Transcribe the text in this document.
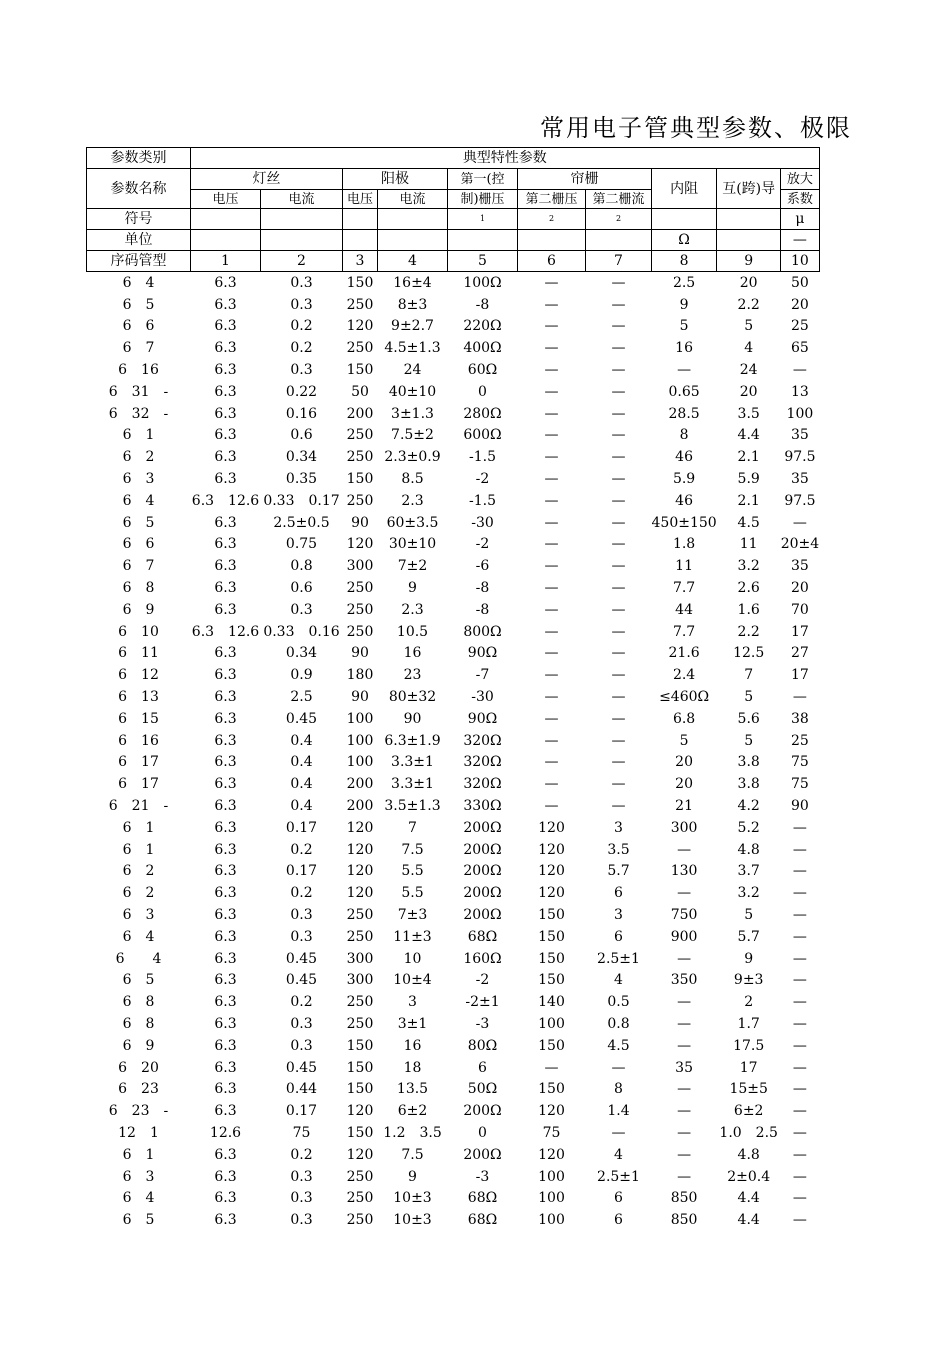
常用电子管典型参数、极限
参数类别	典型特性参数									
参数名称	灯丝		阳极		第一(控	帘栅		内阻	互(跨)导	放大
	电压	电流	电压	电流	制)栅压	第二栅压	第二栅流			系数
符号					1	2	2			μ
单位								Ω		—
序码管型	1	2	3	4	5	6	7	8	9	10
6　4	6.3	0.3	150	16±4	100Ω	—	—	2.5	20	50
6　5	6.3	0.3	250	8±3	-8	—	—	9	2.2	20
6　6	6.3	0.2	120	9±2.7	220Ω	—	—	5	5	25
6　7	6.3	0.2	250	4.5±1.3	400Ω	—	—	16	4	65
6　16	6.3	0.3	150	24	60Ω	—	—	—	24	—
6　31　-	6.3	0.22	50	40±10	0	—	—	0.65	20	13
6　32　-	6.3	0.16	200	3±1.3	280Ω	—	—	28.5	3.5	100
6　1	6.3	0.6	250	7.5±2	600Ω	—	—	8	4.4	35
6　2	6.3	0.34	250	2.3±0.9	-1.5	—	—	46	2.1	97.5
6　3	6.3	0.35	150	8.5	-2	—	—	5.9	5.9	35
6　4	6.3　12.6	0.33　0.17	250	2.3	-1.5	—	—	46	2.1	97.5
6　5	6.3	2.5±0.5	90	60±3.5	-30	—	—	450±150	4.5	—
6　6	6.3	0.75	120	30±10	-2	—	—	1.8	11	20±4
6　7	6.3	0.8	300	7±2	-6	—	—	11	3.2	35
6　8	6.3	0.6	250	9	-8	—	—	7.7	2.6	20
6　9	6.3	0.3	250	2.3	-8	—	—	44	1.6	70
6　10	6.3　12.6	0.33　0.16	250	10.5	800Ω	—	—	7.7	2.2	17
6　11	6.3	0.34	90	16	90Ω	—	—	21.6	12.5	27
6　12	6.3	0.9	180	23	-7	—	—	2.4	7	17
6　13	6.3	2.5	90	80±32	-30	—	—	≤460Ω	5	—
6　15	6.3	0.45	100	90	90Ω	—	—	6.8	5.6	38
6　16	6.3	0.4	100	6.3±1.9	320Ω	—	—	5	5	25
6　17	6.3	0.4	100	3.3±1	320Ω	—	—	20	3.8	75
6　17	6.3	0.4	200	3.3±1	320Ω	—	—	20	3.8	75
6　21　-	6.3	0.4	200	3.5±1.3	330Ω	—	—	21	4.2	90
6　1	6.3	0.17	120	7	200Ω	120	3	300	5.2	—
6　1	6.3	0.2	120	7.5	200Ω	120	3.5	—	4.8	—
6　2	6.3	0.17	120	5.5	200Ω	120	5.7	130	3.7	—
6　2	6.3	0.2	120	5.5	200Ω	120	6	—	3.2	—
6　3	6.3	0.3	250	7±3	200Ω	150	3	750	5	—
6　4	6.3	0.3	250	11±3	68Ω	150	6	900	5.7	—
6　　4	6.3	0.45	300	10	160Ω	150	2.5±1	—	9	—
6　5	6.3	0.45	300	10±4	-2	150	4	350	9±3	—
6　8	6.3	0.2	250	3	-2±1	140	0.5	—	2	—
6　8	6.3	0.3	250	3±1	-3	100	0.8	—	1.7	—
6　9	6.3	0.3	150	16	80Ω	150	4.5	—	17.5	—
6　20	6.3	0.45	150	18	6	—	—	35	17	—
6　23	6.3	0.44	150	13.5	50Ω	150	8	—	15±5	—
6　23　-	6.3	0.17	120	6±2	200Ω	120	1.4	—	6±2	—
12　1	12.6	75	150	1.2　3.5	0	75	—	—	1.0　2.5	—
6　1	6.3	0.2	120	7.5	200Ω	120	4	—	4.8	—
6　3	6.3	0.3	250	9	-3	100	2.5±1	—	2±0.4	—
6　4	6.3	0.3	250	10±3	68Ω	100	6	850	4.4	—
6　5	6.3	0.3	250	10±3	68Ω	100	6	850	4.4	—
